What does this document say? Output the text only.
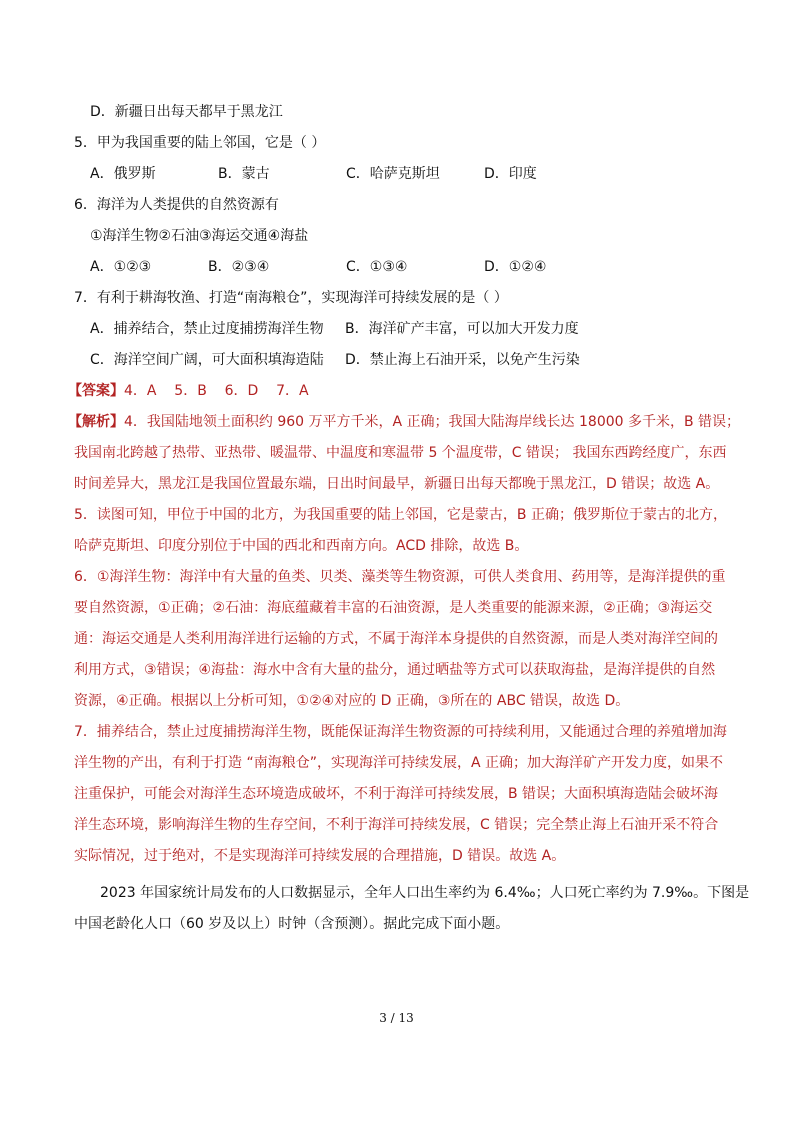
D．新疆日出每天都早于黑龙江
5．甲为我国重要的陆上邻国，它是（ ）
A．俄罗斯	B．蒙古	C．哈萨克斯坦	D．印度
6．海洋为人类提供的自然资源有
①海洋生物②石油③海运交通④海盐
A．①②③	B．②③④	C．①③④	D．①②④
7．有利于耕海牧渔、打造“南海粮仓”，实现海洋可持续发展的是（ ）
A．捕养结合，禁止过度捕捞海洋生物 B．海洋矿产丰富，可以加大开发力度
C．海洋空间广阔，可大面积填海造陆 D．禁止海上石油开采，以免产生污染
【答案】4．A    5．B    6．D    7．A
【解析】4．我国陆地领土面积约 960 万平方千米，A 正确；我国大陆海岸线长达 18000 多千米，B 错误；
我国南北跨越了热带、亚热带、暖温带、中温度和寒温带 5 个温度带，C 错误； 我国东西跨经度广，东西
时间差异大，黑龙江是我国位置最东端，日出时间最早，新疆日出每天都晚于黑龙江，D 错误；故选 A。
5．读图可知，甲位于中国的北方，为我国重要的陆上邻国，它是蒙古，B 正确；俄罗斯位于蒙古的北方，
哈萨克斯坦、印度分别位于中国的西北和西南方向。ACD 排除，故选 B。
6．①海洋生物：海洋中有大量的鱼类、贝类、藻类等生物资源，可供人类食用、药用等，是海洋提供的重
要自然资源，①正确；②石油：海底蕴藏着丰富的石油资源，是人类重要的能源来源，②正确；③海运交
通：海运交通是人类利用海洋进行运输的方式，不属于海洋本身提供的自然资源，而是人类对海洋空间的
利用方式，③错误；④海盐：海水中含有大量的盐分，通过晒盐等方式可以获取海盐，是海洋提供的自然
资源，④正确。根据以上分析可知，①②④对应的 D 正确，③所在的 ABC 错误，故选 D。
7．捕养结合，禁止过度捕捞海洋生物，既能保证海洋生物资源的可持续利用，又能通过合理的养殖增加海
洋生物的产出，有利于打造 “南海粮仓”，实现海洋可持续发展，A 正确；加大海洋矿产开发力度，如果不
注重保护，可能会对海洋生态环境造成破坏，不利于海洋可持续发展，B 错误；大面积填海造陆会破坏海
洋生态环境，影响海洋生物的生存空间，不利于海洋可持续发展，C 错误；完全禁止海上石油开采不符合
实际情况，过于绝对，不是实现海洋可持续发展的合理措施，D 错误。故选 A。
2023 年国家统计局发布的人口数据显示，全年人口出生率约为 6.4‰；人口死亡率约为 7.9‰。下图是
中国老龄化人口（60 岁及以上）时钟（含预测）。据此完成下面小题。
3 / 13
